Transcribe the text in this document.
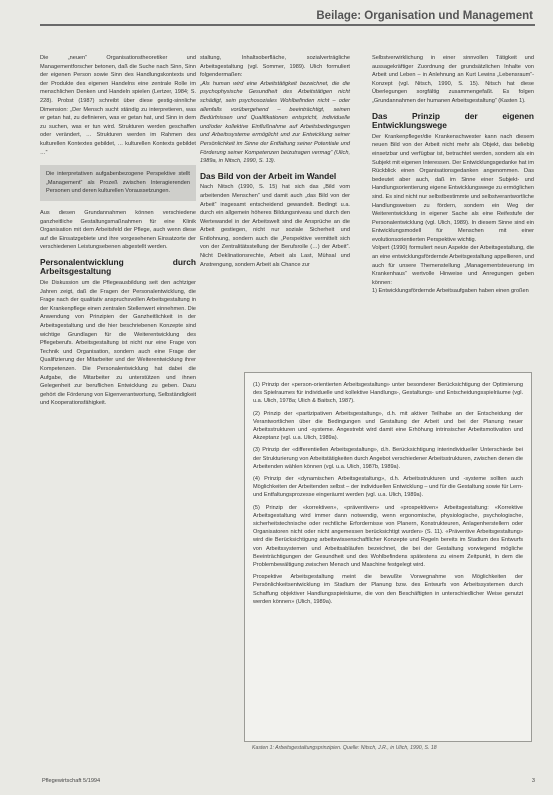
Beilage: Organisation und Management

Die „neuen“ Organisationstheoretiker und Managementforscher betonen, daß die Suche nach Sinn, Sinn der eigenen Person sowie Sinn des Handlungskontexts und der Produkte des eigenen Handelns eine zentrale Rolle im menschlichen Denken und Handeln spielen (Lertzer, 1984; S. 228). Probst (1987) schreibt über diese gestig-sinnliche Dimension: „Der Mensch sucht ständig zu interpretieren, was er getan hat, zu definieren, was er getan hat, und Sinn in dem zu suchen, was er tun wird. Strukturen werden geschaffen oder verändert, … Strukturen werden im Rahmen des kulturellen Kontextes gebildet, … kulturellen Kontexts gebildet …“

Die interpretativen aufgabenbezogene Perspektive stellt „Management“ als Prozeß zwischen Interagierenden Personen und deren kulturellen Voraussetzungen.

Aus diesen Grundannahmen können verschiedene ganzheitliche Gestaltungsmaßnahmen für eine Klinik Organisation mit dem Arbeitsfeld der Pflege, auch wenn diese auf die Einsatzgebiete und ihre vorgesehenen Einsatzorte der verschiedenen Leistungsebenen abgestellt werden.

Personalentwicklung durch Arbeitsgestaltung

Die Diskussion um die Pflegeausbildung seit den achtziger Jahren zeigt, daß die Fragen der Personalentwicklung, die Frage nach der qualitativ anspruchsvollen Arbeitsgestaltung in der Krankenpflege einen zentralen Stellenwert einnehmen. Die Anwendung von Prinzipien der Ganzheitlichkeit in der Arbeitsgestaltung und die hier beschriebenen Konzepte sind wichtige Grundlagen für die Weiterentwicklung des Pflegeberufs. Arbeitsgestaltung ist nicht nur eine Frage von Technik und Organisation, sondern auch eine Frage der Qualifizierung der Mitarbeiter und der Weiterentwicklung ihrer Kompetenzen. Die Personalentwicklung hat dabei die Aufgabe, die Mitarbeiter zu unterstützen und ihnen Gelegenheit zur beruflichen Entwicklung zu geben. Dazu gehört die Förderung von Eigenverantwortung, Selbständigkeit und Kooperationsfähigkeit.

staltung, Inhaltsoberfläche, sozialverträgliche Arbeitsgestaltung (vgl. Sommer, 1989). Ulich formuliert folgendermaßen:

„Als human wird eine Arbeitstätigkeit bezeichnet, die die psychophysische Gesundheit des Arbeitstätigen nicht schädigt, sein psychosoziales Wohlbefinden nicht – oder allenfalls vorübergehend – beeinträchtigt, seinen Bedürfnissen und Qualifikationen entspricht, individuelle und/oder kollektive Einflußnahme auf Arbeitsbedingungen und Arbeitssysteme ermöglicht und zur Entwicklung seiner Persönlichkeit im Sinne der Entfaltung seiner Potentiale und Förderung seiner Kompetenzen beizutragen vermag“ (Ulich, 1989a, in Nitsch, 1990, S. 13).

Das Bild von der Arbeit im Wandel

Nach Nitsch (1990, S. 15) hat sich das „Bild vom arbeitenden Menschen“ und damit auch „das Bild von der Arbeit“ insgesamt entscheidend gewandelt. Bedingt u.a. durch ein allgemein höheres Bildungsniveau und durch den Wertewandel in der Arbeitswelt sind die Ansprüche an die Arbeit gestiegen, nicht nur soziale Sicherheit und Entlohnung, sondern auch die „Perspektive vermittelt sich von der Zentralitätsstellung der Berufsrolle (…) der Arbeit“. Nicht Deklinationsrechte, Arbeit als Last, Mühsal und Anstrengung, sondern Arbeit als Chance zur

Selbstverwirklichung in einer sinnvollen Tätigkeit und aussagekräftiger Zuordnung der grundsätzlichen Inhalte von Arbeit und Leben – in Anlehnung an Kurt Lewins „Lebensraum“-Konzept (vgl. Nitsch, 1990, S. 15). Nitsch hat diese Überlegungen sorgfältig zusammengefaßt. Es folgen „Grundannahmen der humanen Arbeitsgestaltung“ (Kasten 1).

Das Prinzip der eigenen Entwicklungswege

Der Krankenpfleger/die Krankenschwester kann nach diesem neuen Bild von der Arbeit nicht mehr als Objekt, das beliebig einsetzbar und verfügbar ist, betrachtet werden, sondern als ein Subjekt mit eigenen Interessen. Der Entwicklungsgedanke hat im Rückblick einen Organisationsgedanken angenommen. Das bedeutet aber auch, daß im Sinne einer Subjekt- und Handlungsorientierung eigene Entwicklungswege zu ermöglichen sind. Es sind nicht nur selbstbestimmte und selbstverantwortliche Handlungsweisen zu fördern, sondern ein Weg der Weiterentwicklung in eigener Sache als eine Reifestufe der Personalentwicklung (vgl. Ulich, 1989). In diesem Sinne sind ein Entwicklungsmodell für Menschen mit einer evolutionsorientierten Perspektive wichtig.

Volpert (1990) formuliert neun Aspekte der Arbeitsgestaltung, die an eine entwicklungsfördernde Arbeitsgestaltung appellieren, und auch für unsere Themenstellung „Managementsteuerung im Krankenhaus“ wertvolle Hinweise und Anregungen geben können:

1) Entwicklungsfördernde Arbeitsaufgaben haben einen großen

(1) Prinzip der «person-orientierten Arbeitsgestaltung» unter besonderer Berücksichtigung der Optimierung des Spielraumes für individuelle und kollektive Handlungs-, Gestaltungs- und Entscheidungsspielräume (vgl. u.a. Ulich, 1978a; Ulich & Baitsch, 1987).

(2) Prinzip der «partizipativen Arbeitsgestaltung», d.h. mit aktiver Teilhabe an der Entscheidung der Verantwortlichen über die Bedingungen und Gestaltung der Arbeit und bei der Planung neuer Arbeitsstrukturen und -systeme. Angestrebt wird damit eine Erhöhung intrinsischer Arbeitsmotivation und Akzeptanz (vgl. u.a. Ulich, 1989a).

(3) Prinzip der «differentiellen Arbeitsgestaltung», d.h. Berücksichtigung interindividueller Unterschiede bei der Strukturierung von Arbeitstätigkeiten durch Angebot verschiedener Arbeitsstrukturen, zwischen denen die Arbeitenden wählen können (vgl. u.a. Ulich, 1987b, 1989a).

(4) Prinzip der «dynamischen Arbeitsgestaltung», d.h. Arbeitsstrukturen und -systeme sollten auch Möglichkeiten der Arbeitenden selbst – der individuellen Entwicklung – und für die Gestaltung sowie für Lern- und Entfaltungsprozesse eingeräumt werden (vgl. u.a. Ulich, 1989a).

(5) Prinzip der «korrektiven», «präventiven» und «prospektiven» Arbeitsgestaltung: «Korrektive Arbeitsgestaltung wird immer dann notwendig, wenn ergonomische, physiologische, psychologische, sicherheitstechnische oder rechtliche Erfordernisse von Planern, Konstrukteuren, Anlagenherstellern oder Organisatoren nicht oder nicht angemessen berücksichtigt wurden» (S. 11). «Präventive Arbeitsgestaltung» wird die Berücksichtigung arbeitswissenschaftlicher Konzepte und Regeln bereits im Stadium des Entwurfs von Arbeitssystemen und Arbeitsabläufen bezeichnet, die bei der Gestaltung vorwiegend mögliche Beeinträchtigungen der Gesundheit und des Wohlbefindens spätestens zu einem Zeitpunkt, in dem die Problembewältigung zwischen Mensch und Maschine festgelegt wird.

Prospektive Arbeitsgestaltung meint die bewußte Vorwegnahme von Möglichkeiten der Persönlichkeitsentwicklung im Stadium der Planung bzw. des Entwurfs von Arbeitssystemen durch Schaffung objektiver Handlungsspielräume, die von den Beschäftigten in unterschiedlicher Weise genutzt werden können» (Ulich, 1989a).

Kasten 1: Arbeitsgestaltungsprinzipien. Quelle: Nitsch, J.R., in Ulich, 1990, S. 18
Pflegewirtschaft 5/1994	3
